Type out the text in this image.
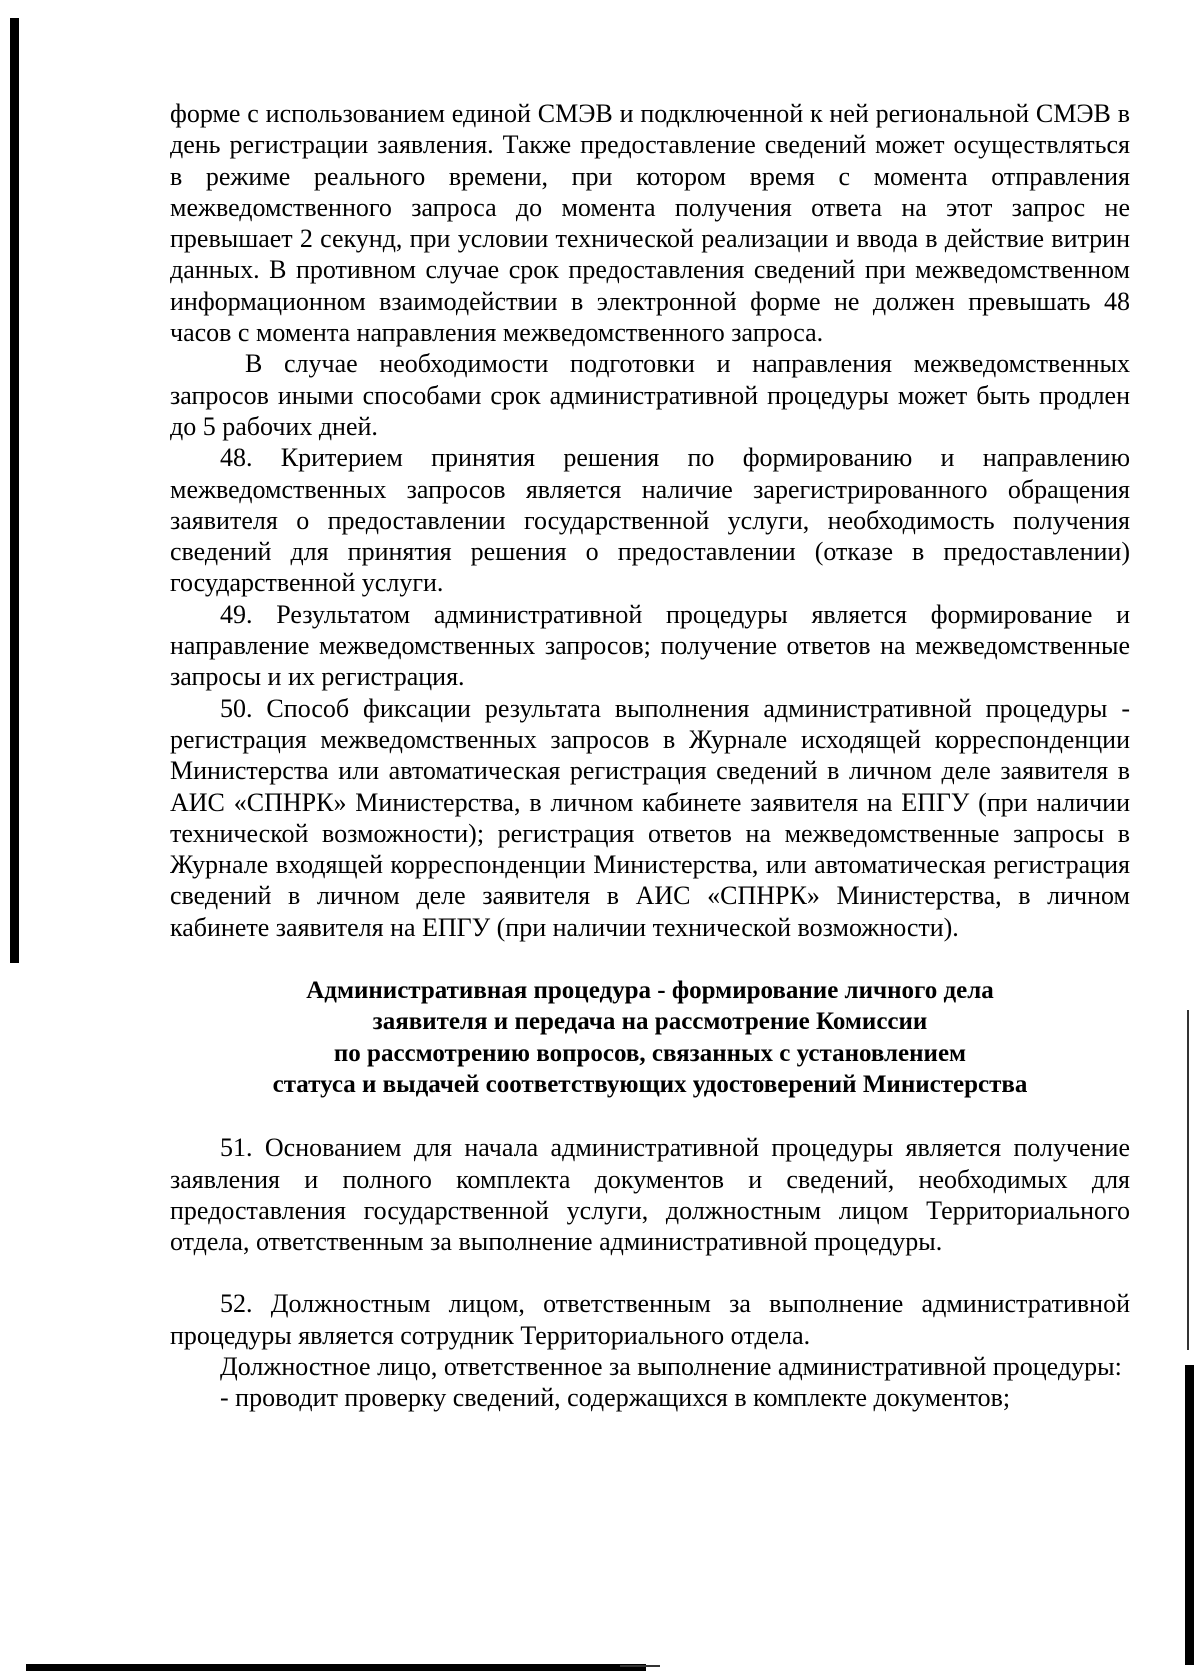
форме с использованием единой СМЭВ и подключенной к ней региональной СМЭВ в день регистрации заявления. Также предоставление сведений может осуществляться в режиме реального времени, при котором время с момента отправления межведомственного запроса до момента получения ответа на этот запрос не превышает 2 секунд, при условии технической реализации и ввода в действие витрин данных. В противном случае срок предоставления сведений при межведомственном информационном взаимодействии в электронной форме не должен превышать 48 часов с момента направления межведомственного запроса.

В случае необходимости подготовки и направления межведомственных запросов иными способами срок административной процедуры может быть продлен до 5 рабочих дней.

48. Критерием принятия решения по формированию и направлению межведомственных запросов является наличие зарегистрированного обращения заявителя о предоставлении государственной услуги, необходимость получения сведений для принятия решения о предоставлении (отказе в предоставлении) государственной услуги.

49. Результатом административной процедуры является формирование и направление межведомственных запросов; получение ответов на межведомственные запросы и их регистрация.

50. Способ фиксации результата выполнения административной процедуры - регистрация межведомственных запросов в Журнале исходящей корреспонденции Министерства или автоматическая регистрация сведений в личном деле заявителя в АИС «СПНРК» Министерства, в личном кабинете заявителя на ЕПГУ (при наличии технической возможности); регистрация ответов на межведомственные запросы в Журнале входящей корреспонденции Министерства, или автоматическая регистрация сведений в личном деле заявителя в АИС «СПНРК» Министерства, в личном кабинете заявителя на ЕПГУ (при наличии технической возможности).

Административная процедура - формирование личного дела
заявителя и передача на рассмотрение Комиссии
по рассмотрению вопросов, связанных с установлением
статуса и выдачей соответствующих удостоверений Министерства

51. Основанием для начала административной процедуры является получение заявления и полного комплекта документов и сведений, необходимых для предоставления государственной услуги, должностным лицом Территориального отдела, ответственным за выполнение административной процедуры.

52. Должностным лицом, ответственным за выполнение административной процедуры является сотрудник Территориального отдела.

Должностное лицо, ответственное за выполнение административной процедуры:

- проводит проверку сведений, содержащихся в комплекте документов;
